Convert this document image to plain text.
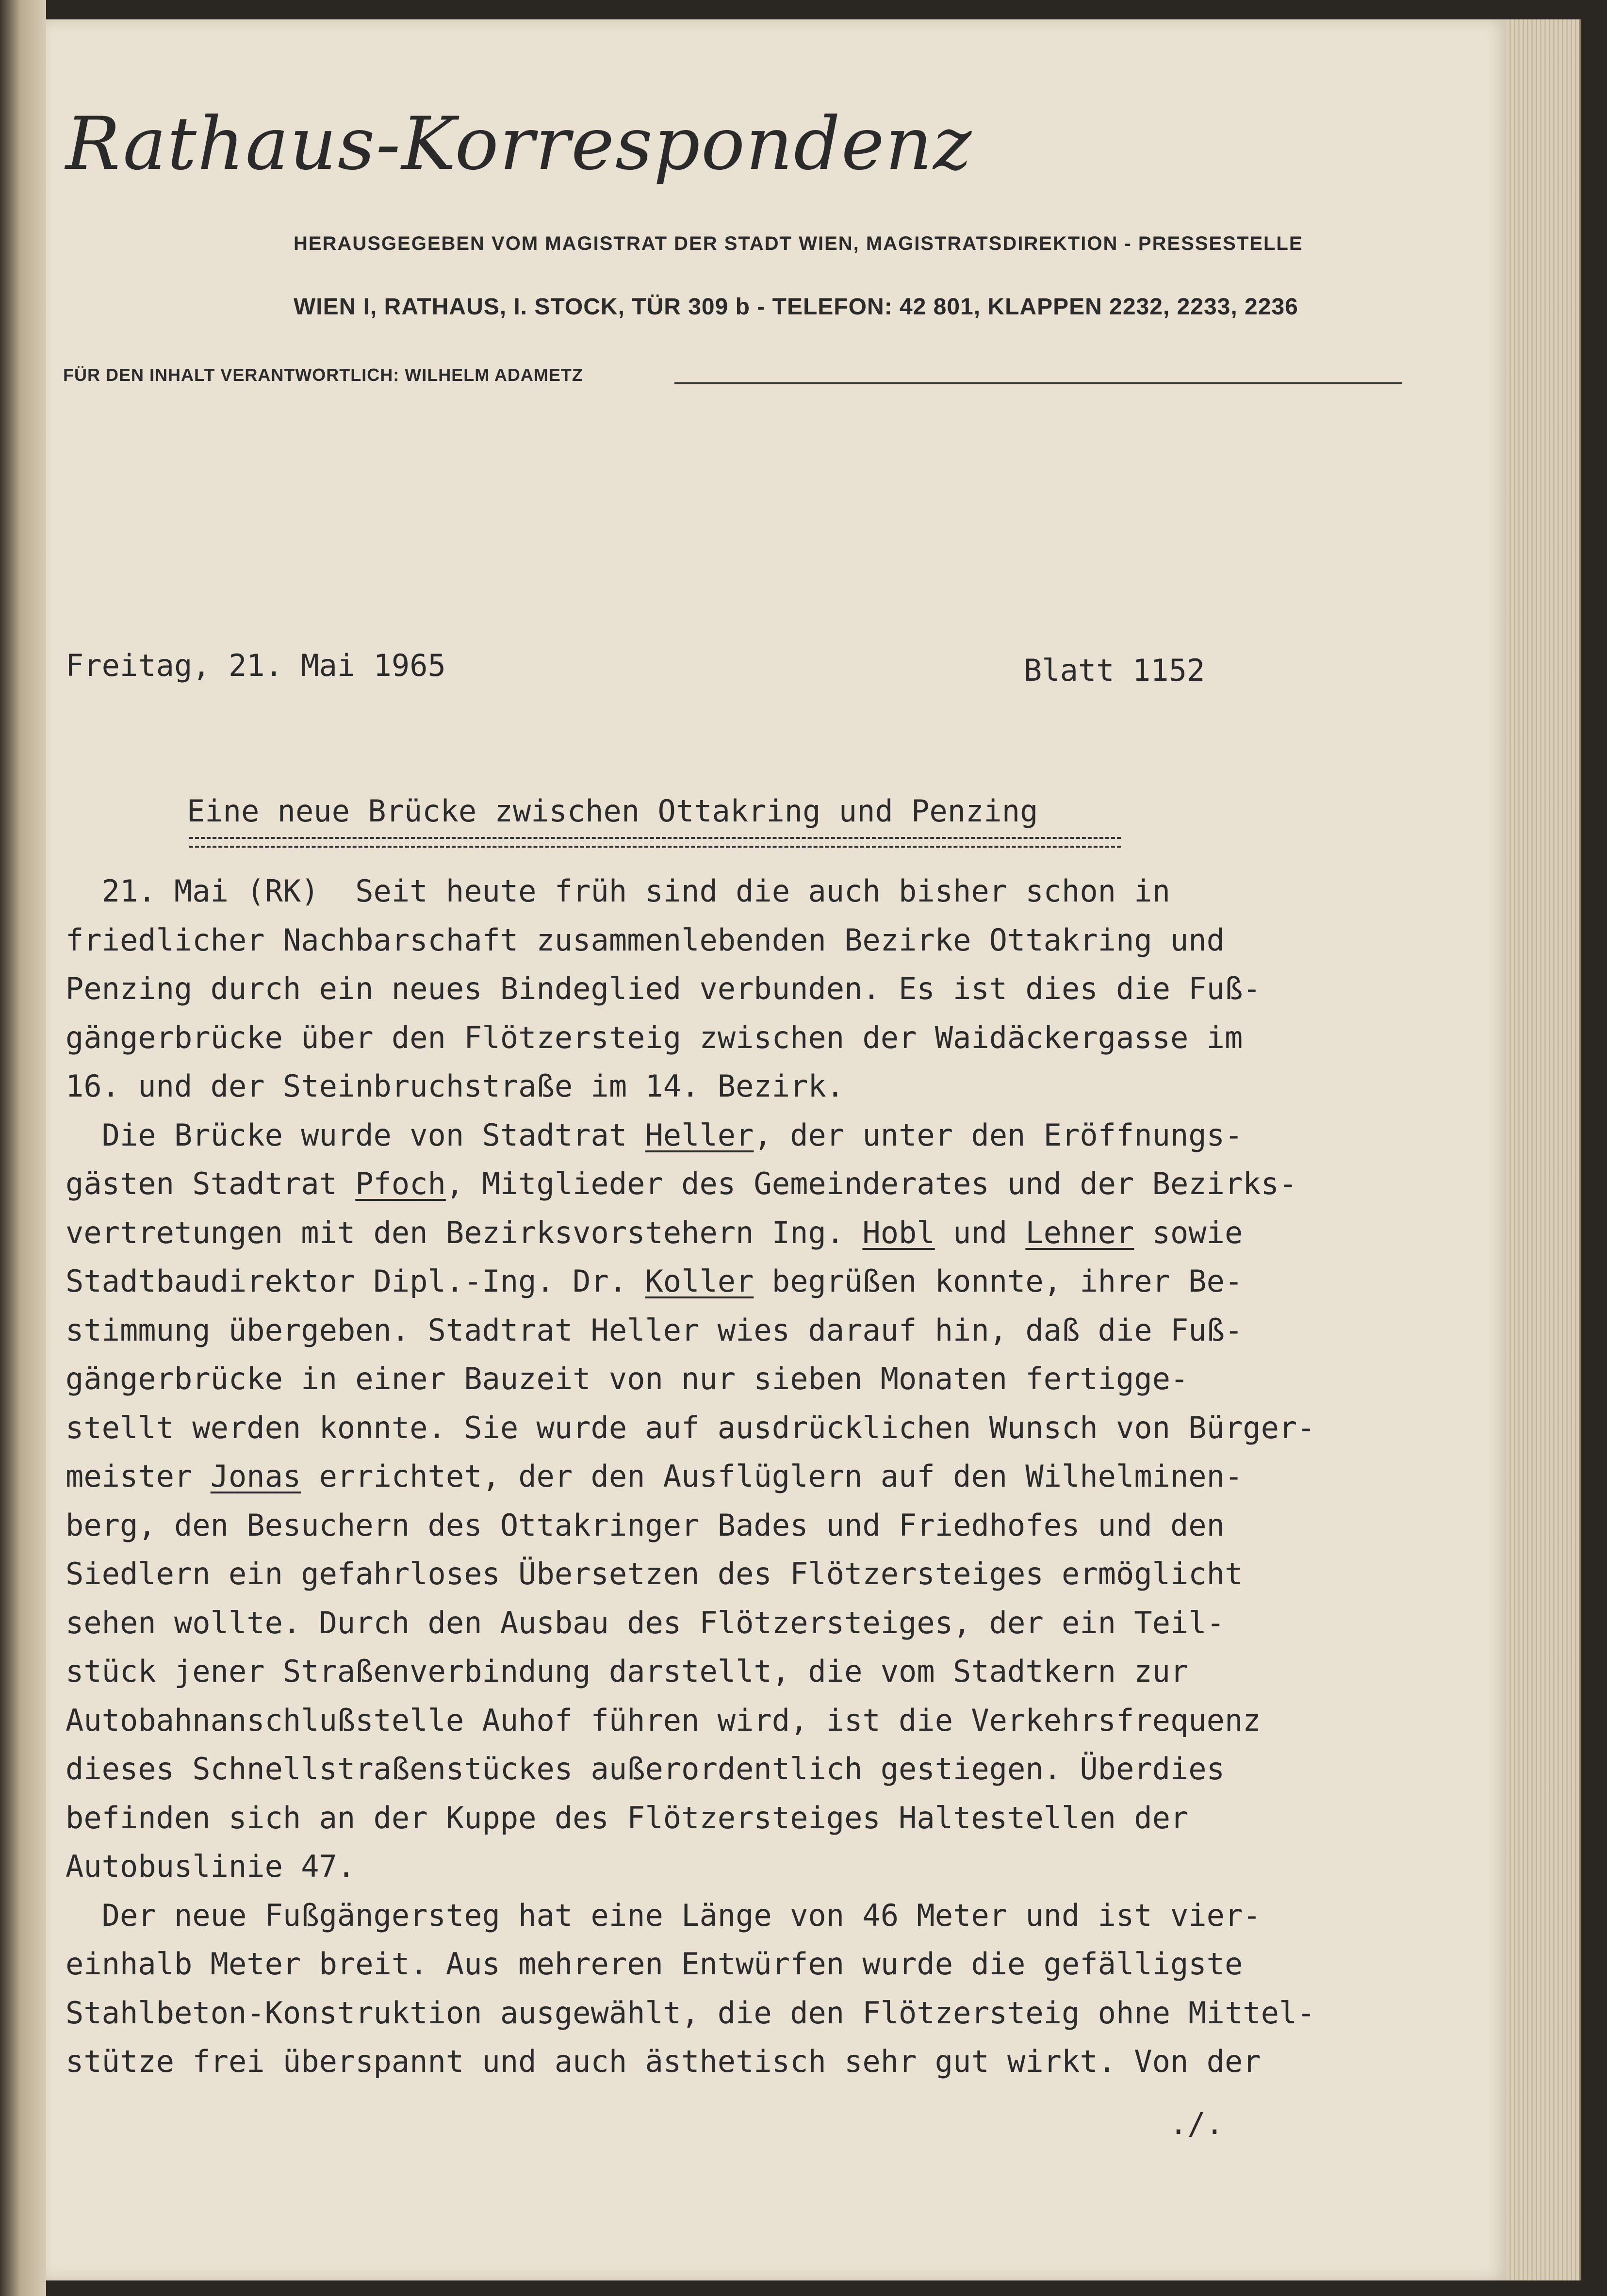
Rathaus-Korrespondenz
HERAUSGEGEBEN VOM MAGISTRAT DER STADT WIEN, MAGISTRATSDIREKTION - PRESSESTELLE
WIEN I, RATHAUS, I. STOCK, TÜR 309 b - TELEFON: 42 801, KLAPPEN 2232, 2233, 2236
FÜR DEN INHALT VERANTWORTLICH: WILHELM ADAMETZ
Freitag, 21. Mai 1965	Blatt 1152
Eine neue Brücke zwischen Ottakring und Penzing
21. Mai (RK)  Seit heute früh sind die auch bisher schon in
friedlicher Nachbarschaft zusammenlebenden Bezirke Ottakring und
Penzing durch ein neues Bindeglied verbunden. Es ist dies die Fuß-
gängerbrücke über den Flötzersteig zwischen der Waidäckergasse im
16. und der Steinbruchstraße im 14. Bezirk.
Die Brücke wurde von Stadtrat Heller, der unter den Eröffnungs-
gästen Stadtrat Pfoch, Mitglieder des Gemeinderates und der Bezirks-
vertretungen mit den Bezirksvorstehern Ing. Hobl und Lehner sowie
Stadtbaudirektor Dipl.-Ing. Dr. Koller begrüßen konnte, ihrer Be-
stimmung übergeben. Stadtrat Heller wies darauf hin, daß die Fuß-
gängerbrücke in einer Bauzeit von nur sieben Monaten fertigge-
stellt werden konnte. Sie wurde auf ausdrücklichen Wunsch von Bürger-
meister Jonas errichtet, der den Ausflüglern auf den Wilhelminen-
berg, den Besuchern des Ottakringer Bades und Friedhofes und den
Siedlern ein gefahrloses Übersetzen des Flötzersteiges ermöglicht
sehen wollte. Durch den Ausbau des Flötzersteiges, der ein Teil-
stück jener Straßenverbindung darstellt, die vom Stadtkern zur
Autobahnanschlußstelle Auhof führen wird, ist die Verkehrsfrequenz
dieses Schnellstraßenstückes außerordentlich gestiegen. Überdies
befinden sich an der Kuppe des Flötzersteiges Haltestellen der
Autobuslinie 47.
Der neue Fußgängersteg hat eine Länge von 46 Meter und ist vier-
einhalb Meter breit. Aus mehreren Entwürfen wurde die gefälligste
Stahlbeton-Konstruktion ausgewählt, die den Flötzersteig ohne Mittel-
stütze frei überspannt und auch ästhetisch sehr gut wirkt. Von der
./.
